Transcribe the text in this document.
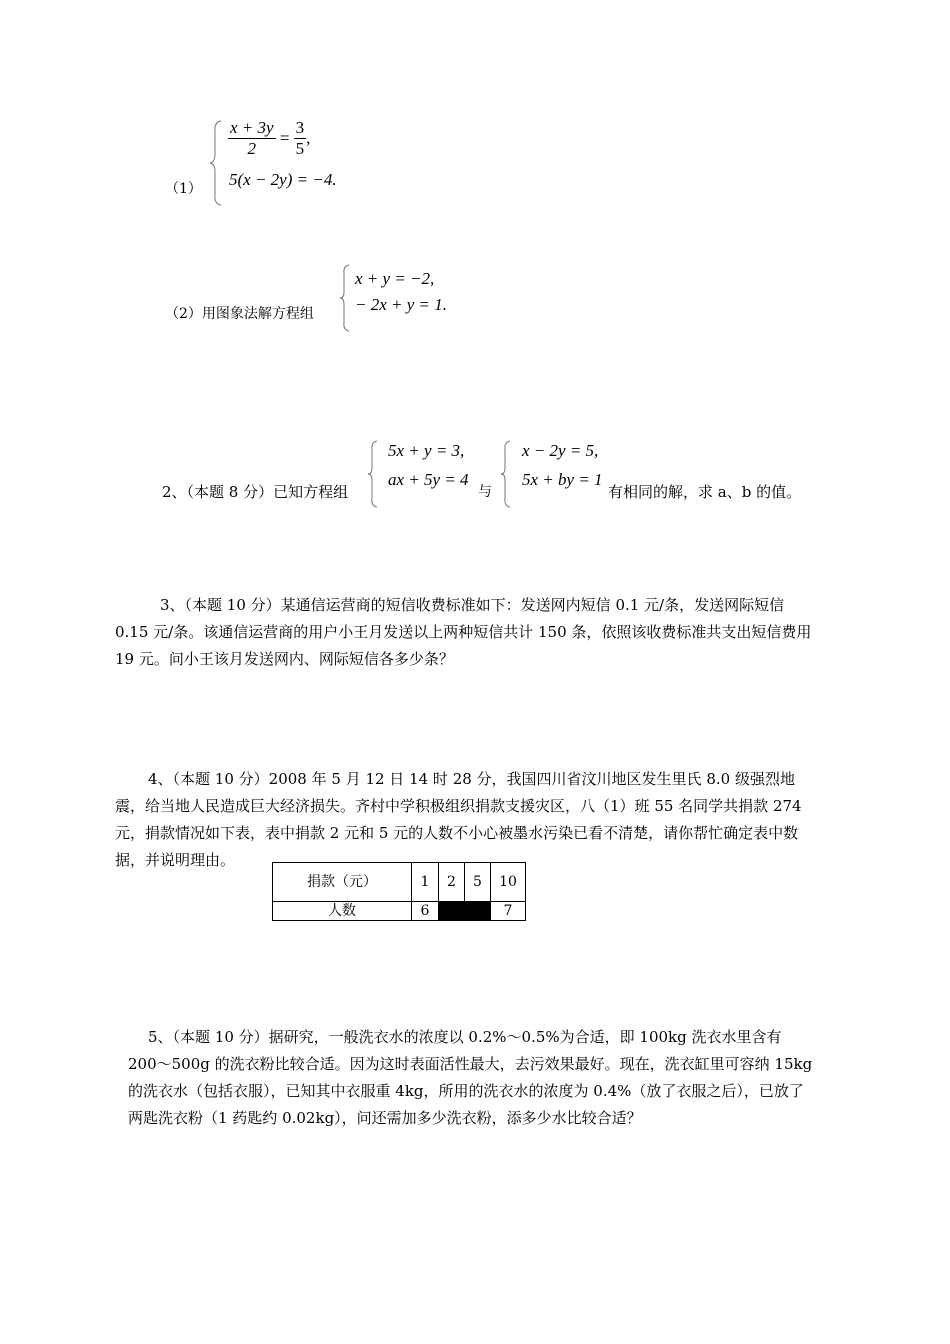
（1）
$\frac{x + 3y}{2} = \frac{3}{5}$ ,
5(x − 2y) = −4.
（2）用图象法解方程组
x + y = −2,
− 2x + y = 1.
2、（本题 8 分）已知方程组
5x + y = 3,
ax + 5y = 4
与
x − 2y = 5,
5x + by = 1
有相同的解，求 a、b 的值。
3、（本题 10 分）某通信运营商的短信收费标准如下：发送网内短信 0.1 元/条，发送网际短信 0.15 元/条。该通信运营商的用户小王月发送以上两种短信共计 150 条，依照该收费标准共支出短信费用 19 元。问小王该月发送网内、网际短信各多少条？
4、（本题 10 分）2008 年 5 月 12 日 14 时 28 分，我国四川省汶川地区发生里氏 8.0 级强烈地震，给当地人民造成巨大经济损失。齐村中学积极组织捐款支援灾区，八（1）班 55 名同学共捐款 274 元，捐款情况如下表，表中捐款 2 元和 5 元的人数不小心被墨水污染已看不清楚，请你帮忙确定表中数据，并说明理由。
捐款（元）	1	2	5	10
人数	6			7
5、（本题 10 分）据研究，一般洗衣水的浓度以 0.2%～0.5%为合适，即 100kg 洗衣水里含有 200～500g 的洗衣粉比较合适。因为这时表面活性最大，去污效果最好。现在，洗衣缸里可容纳 15kg 的洗衣水（包括衣服），已知其中衣服重 4kg，所用的洗衣水的浓度为 0.4%（放了衣服之后），已放了两匙洗衣粉（1 药匙约 0.02kg），问还需加多少洗衣粉，添多少水比较合适？
